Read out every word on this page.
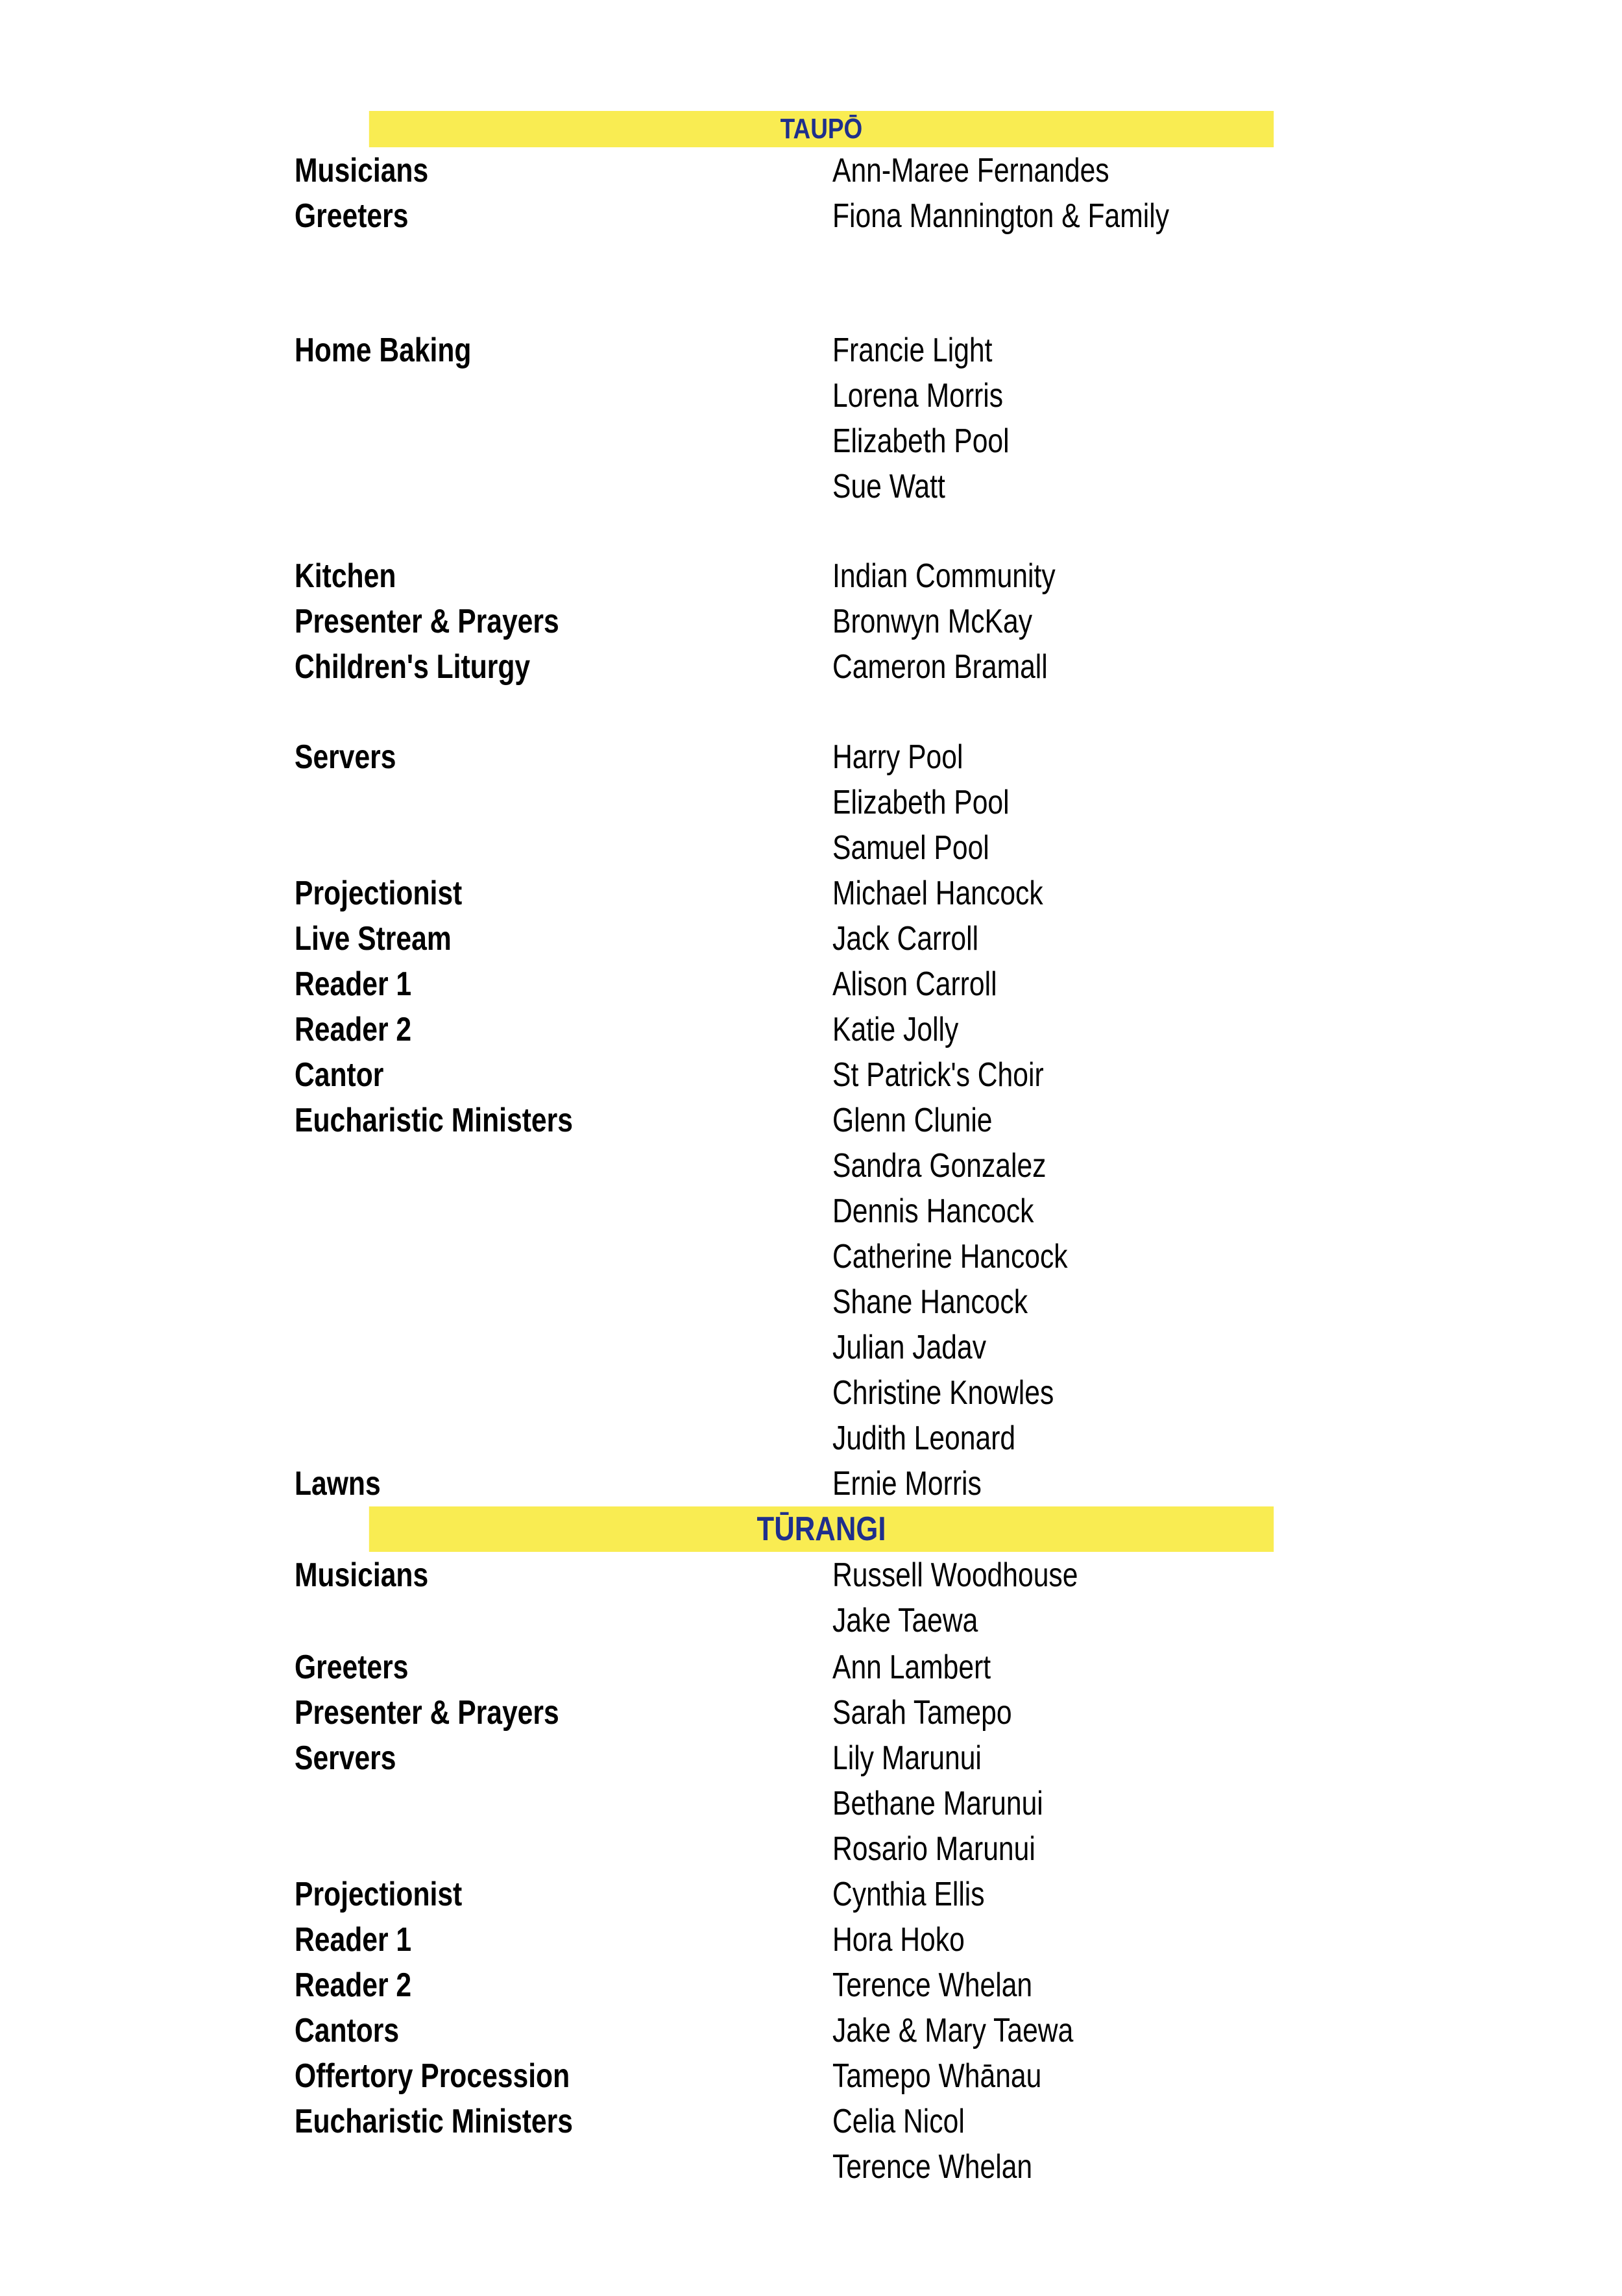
TAUPŌ
Musicians	Ann-Maree Fernandes
Greeters	Fiona Mannington & Family
Home Baking	Francie Light
Lorena Morris
Elizabeth Pool
Sue Watt
Kitchen	Indian Community
Presenter & Prayers	Bronwyn McKay
Children's Liturgy	Cameron Bramall
Servers	Harry Pool
Elizabeth Pool
Samuel Pool
Projectionist	Michael Hancock
Live Stream	Jack Carroll
Reader 1	Alison Carroll
Reader 2	Katie Jolly
Cantor	St Patrick's Choir
Eucharistic Ministers	Glenn Clunie
Sandra Gonzalez
Dennis Hancock
Catherine Hancock
Shane Hancock
Julian Jadav
Christine Knowles
Judith Leonard
Lawns	Ernie Morris
TŪRANGI
Musicians	Russell Woodhouse
Jake Taewa
Greeters	Ann Lambert
Presenter & Prayers	Sarah Tamepo
Servers	Lily Marunui
Bethane Marunui
Rosario Marunui
Projectionist	Cynthia Ellis
Reader 1	Hora Hoko
Reader 2	Terence Whelan
Cantors	Jake & Mary Taewa
Offertory Procession	Tamepo Whānau
Eucharistic Ministers	Celia Nicol
Terence Whelan
